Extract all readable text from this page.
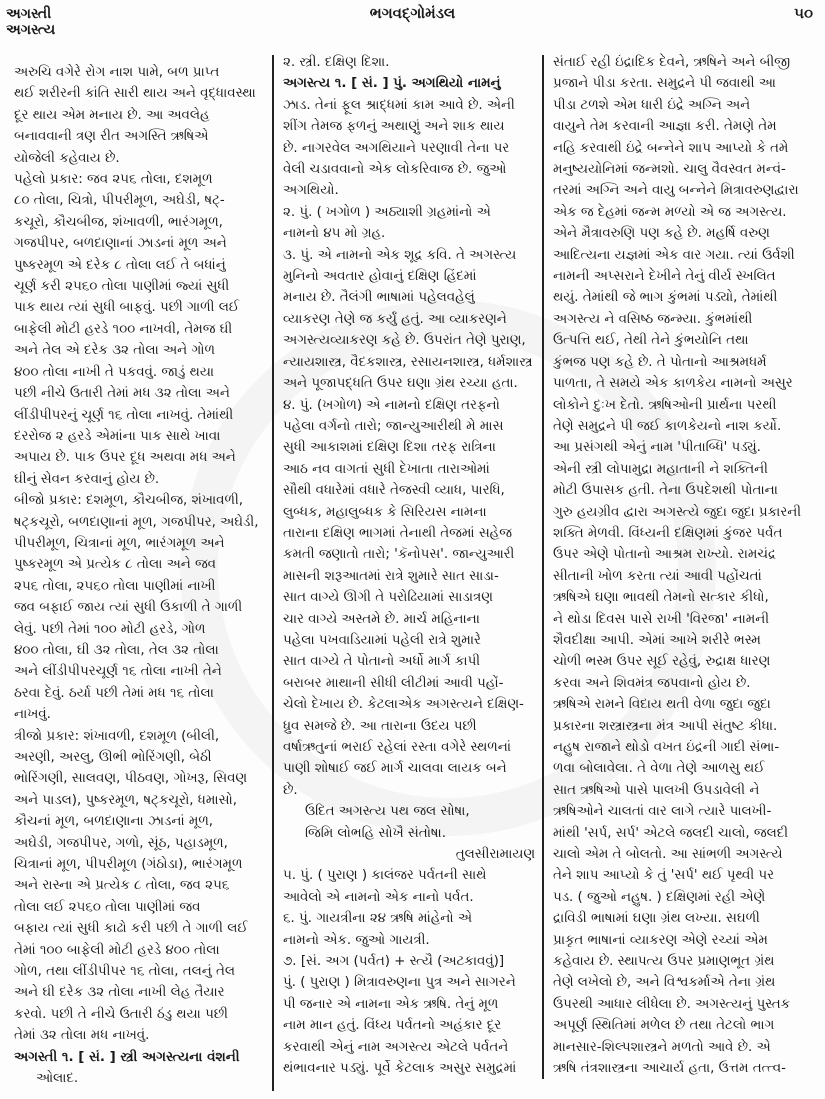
અગસ્તી
અગસ્ત્ય
ભગવદ્ગોમંડલ	૫૦
અરુચિ વગેરે રોગ નાશ પામે, બળ પ્રાપ્ત
થઈ શરીરની કાંતિ સારી થાય અને વૃદ્ધાવસ્થા
દૂર થાય એમ મનાય છે. આ અવલેહ
બનાવવાની ત્રણ રીત અગસ્તિ ઋષિએ
યોજેલી કહેવાય છે.
પહેલો પ્રકાર: જવ ૨૫૬ તોલા, દશમૂળ
૮૦ તોલા, ચિત્રો, પીપરીમૂળ, અઘેડી, ષટ્-
કચૂરો, કૌચબીજ, શંખાવળી, ભારંગમૂળ,
ગજપીપર, બળદાણાનાં ઝાડનાં મૂળ અને
પુષ્કરમૂળ એ દરેક ૮ તોલા લઈ તે બધાંનું
ચૂર્ણ કરી ૨૫૬૦ તોલા પાણીમાં જ્યાં સુધી
પાક થાય ત્યાં સુધી બાફવું. પછી ગાળી લઈ
બાફેલી મોટી હરડે ૧૦૦ નાખવી, તેમજ ઘી
અને તેલ એ દરેક ૩૨ તોલા અને ગોળ
૪૦૦ તોલા નાખી તે પકવવું. જાડું થયા
પછી નીચે ઉતારી તેમાં મધ ૩૨ તોલા અને
લીંડીપીપરનું ચૂર્ણ ૧૬ તોલા નાખવું. તેમાંથી
દરરોજ ૨ હરડે એમાંના પાક સાથે ખાવા
અપાય છે. પાક ઉપર દૂધ અથવા મધ અને
ઘીનું સેવન કરવાનું હોય છે.
બીજો પ્રકાર: દશમૂળ, કૌચબીજ, શંખાવળી,
ષટ્કચૂરો, બળદાણાનાં મૂળ, ગજપીપર, અઘેડી,
પીપરીમૂળ, ચિત્રાનાં મૂળ, ભારંગમૂળ અને
પુષ્કરમૂળ એ પ્રત્યેક ૮ તોલા અને જવ
૨૫૬ તોલા, ૨૫૬૦ તોલા પાણીમાં નાખી
જવ બફાઈ જાય ત્યાં સુધી ઉકાળી તે ગાળી
લેવું. પછી તેમાં ૧૦૦ મોટી હરડે, ગોળ
૪૦૦ તોલા, ઘી ૩૨ તોલા, તેલ ૩૨ તોલા
અને લીંડીપીપરચૂર્ણ ૧૬ તોલા નાખી તેને
ઠરવા દેવું. ઠર્યા પછી તેમાં મધ ૧૬ તોલા
નાખવું.
ત્રીજો પ્રકાર: શંખાવળી, દશમૂળ (બીલી,
અરણી, અરલુ, ઊભી ભોરિંગણી, બેઠી
ભોરિંગણી, સાલવણ, પીઠવણ, ગોખરૂ, સિવણ
અને પાડલ), પુષ્કરમૂળ, ષટ્કચૂરો, ધમાસો,
કૌચનાં મૂળ, બળદાણાના ઝાડનાં મૂળ,
અઘેડી, ગજપીપર, ગળો, સૂંઠ, પહાડમૂળ,
ચિત્રાનાં મૂળ, પીપરીમૂળ (ગંઠોડા), ભારંગમૂળ
અને રાસ્ના એ પ્રત્યેક ૮ તોલા, જવ ૨૫૬
તોલા લઈ ૨૫૬૦ તોલા પાણીમાં જવ
બફાય ત્યાં સુધી કાઢો કરી પછી તે ગાળી લઈ
તેમાં ૧૦૦ બાફેલી મોટી હરડે ૪૦૦ તોલા
ગોળ, તથા લીંડીપીપર ૧૬ તોલા, તલનું તેલ
અને ઘી દરેક ૩૨ તોલા નાખી લેહ તૈયાર
કરવો. પછી તે નીચે ઉતારી ઠંડુ થયા પછી
તેમાં ૩૨ તોલા મધ નાખવું.
અગસ્તી ૧. [ સં. ] સ્ત્રી અગસ્ત્યના વંશની
ઓલાદ.
૨. સ્ત્રી. દક્ષિણ દિશા.
અગસ્ત્ય ૧. [ સં. ] પું. અગથિયો નામનું
ઝાડ. તેનાં ફૂલ શ્રાદ્ધમાં કામ આવે છે. એની
શીંગ તેમજ ફળનું અથાણું અને શાક થાય
છે. નાગરવેલ અગથિયાને પરણાવી તેના પર
વેલી ચડાવવાનો એક લોકરિવાજ છે. જુઓ
અગથિયો.
૨. પું. ( ખગોળ ) અઠ્યાશી ગ્રહમાંનો એ
નામનો ૪૫ મો ગ્રહ.
૩. પું. એ નામનો એક શૂદ્ર કવિ. તે અગસ્ત્ય
મુનિનો અવતાર હોવાનું દક્ષિણ હિંદમાં
મનાય છે. તૈલંગી ભાષામાં પહેલવહેલું
વ્યાકરણ તેણે જ કર્યું હતું. આ વ્યાકરણને
અગસ્ત્યવ્યાકરણ કહે છે. ઉપરાંત તેણે પુરાણ,
ન્યાયશાસ્ત્ર, વૈદકશાસ્ત્ર, રસાયનશાસ્ત્ર, ધર્મશાસ્ત્ર
અને પૂજાપદ્ધતિ ઉપર ઘણા ગ્રંથ રચ્યા હતા.
૪. પું. (ખગોળ) એ નામનો દક્ષિણ તરફનો
પહેલા વર્ગનો તારો; જાન્યુઆરીથી મે માસ
સુધી આકાશમાં દક્ષિણ દિશા તરફ રાત્રિના
આઠ નવ વાગતાં સુધી દેખાતા તારાઓમાં
સૌથી વધારેમાં વધારે તેજસ્વી વ્યાધ, પારધિ,
લુબ્ધક, મહાલુબ્ધક કે સિરિયસ નામના
તારાના દક્ષિણ ભાગમાં તેનાથી તેજમાં સહેજ
કમતી જણાતો તારો; 'કૅનોપસ'. જાન્યુઆરી
માસની શરૂઆતમાં રાત્રે શુમારે સાત સાડા-
સાત વાગ્યે ઊગી તે પરોઢિયામાં સાડાત્રણ
ચાર વાગ્યે અસ્તમે છે. માર્ચ મહિનાના
પહેલા પખવાડિયામાં પહેલી રાત્રે શુમારે
સાત વાગ્યે તે પોતાનો અર્ધો માર્ગ કાપી
બરાબર માથાની સીધી લીટીમાં આવી પહોં-
ચેલો દેખાય છે. કેટલાએક અગસ્ત્યને દક્ષિણ-
ધ્રુવ સમજે છે. આ તારાના ઉદય પછી
વર્ષાઋતુનાં ભરાઈ રહેલાં રસ્તા વગેરે સ્થળનાં
પાણી શોષાઈ જઈ માર્ગ ચાલવા લાયક બને
છે.
ઉદિત અગસ્ત્ય પથ જલ સોષા,
જિમિ લોભહિ સોખૈ સંતોષા.
તુલસીરામાયણ
૫. પું. ( પુરાણ ) કાલંજર પર્વતની સાથે
આવેલો એ નામનો એક નાનો પર્વત.
૬. પું. ગાયત્રીના ૨૪ ઋષિ માંહેનો એ
નામનો એક. જુઓ ગાયત્રી.
૭. [સં. અગ (પર્વત) + સ્ત્યૈ (અટકાવવું)]
પું. ( પુરાણ ) મિત્રાવરુણના પુત્ર અને સાગરને
પી જનાર એ નામના એક ઋષિ. તેનું મૂળ
નામ માન હતું. વિંધ્ય પર્વતનો અહંકાર દૂર
કરવાથી એનું નામ અગસ્ત્ય એટલે પર્વતને
થંભાવનાર પડ્યું. પૂર્વે કેટલાક અસુર સમુદ્રમાં
સંતાઈ રહી ઇંદ્રાદિક દેવને, ઋષિને અને બીજી
પ્રજાને પીડા કરતા. સમુદ્રને પી જવાથી આ
પીડા ટળશે એમ ધારી ઇંદ્રે અગ્નિ અને
વાયુને તેમ કરવાની આજ્ઞા કરી. તેમણે તેમ
નહિ કરવાથી ઇંદ્રે બન્નેને શાપ આપ્યો કે તમે
મનુષ્યયોનિમાં જન્મશો. ચાલુ વૈવસ્વત મન્વં-
તરમાં અગ્નિ અને વાયુ બન્નેને મિત્રાવરુણદ્વારા
એક જ દેહમાં જન્મ મળ્યો એ જ અગસ્ત્ય.
એને મૈત્રાવરુણિ પણ કહે છે. મહર્ષિ વરુણ
આદિત્યના યજ્ઞમાં એક વાર ગયા. ત્યાં ઉર્વશી
નામની અપ્સરાને દેખીને તેનું વીર્ય સ્ખલિત
થયું. તેમાંથી જે ભાગ કુંભમાં પડ્યો, તેમાંથી
અગસ્ત્ય ને વસિષ્ઠ જન્મ્યા. કુંભમાંથી
ઉત્પત્તિ થઈ, તેથી તેને કુંભયોનિ તથા
કુંભજ પણ કહે છે. તે પોતાનો આશ્રમધર્મ
પાળતા, તે સમયે એક કાળકેય નામનો અસુર
લોકોને દુઃખ દેતો. ઋષિઓની પ્રાર્થના પરથી
તેણે સમુદ્રને પી જઈ કાળકેયનો નાશ કર્યો.
આ પ્રસંગથી એનું નામ 'પીતાબ્ધિ' પડ્યું.
એની સ્ત્રી લોપામુદ્રા મહાતાની ને શક્તિની
મોટી ઉપાસક હતી. તેના ઉપદેશથી પોતાના
ગુરુ હયગ્રીવ દ્વારા અગસ્ત્યે જુદા જુદા પ્રકારની
શક્તિ મેળવી. વિંધ્યની દક્ષિણમાં કુંજર પર્વત
ઉપર એણે પોતાનો આશ્રમ રાખ્યો. રામચંદ્ર
સીતાની ખોળ કરતા ત્યાં આવી પહોંચતાં
ઋષિએ ઘણા ભાવથી તેમનો સત્કાર કીધો,
ને થોડા દિવસ પાસે રાખી 'વિરજા' નામની
શૈવદીક્ષા આપી. એમાં આખે શરીરે ભસ્મ
ચોળી ભસ્મ ઉપર સૂઈ રહેવું, રુદ્રાક્ષ ધારણ
કરવા અને શિવમંત્ર જપવાનો હોય છે.
ઋષિએ રામને વિદાય થતી વેળા જુદા જુદા
પ્રકારના શસ્ત્રાસ્ત્રના મંત્ર આપી સંતુષ્ટ કીધા.
નહુષ રાજાને થોડો વખત ઇંદ્રની ગાદી સંભા-
ળવા બોલાવેલા. તે વેળા તેણે આળસુ થઈ
સાત ઋષિઓ પાસે પાલખી ઉપડાવેલી ને
ઋષિઓને ચાલતાં વાર લાગે ત્યારે પાલખી-
માંથી 'સર્પ, સર્પ' એટલે જલદી ચાલો, જલદી
ચાલો એમ તે બોલતો. આ સાંભળી અગસ્ત્યે
તેને શાપ આપ્યો કે તું 'સર્પ' થઈ પૃથ્વી પર
પડ. ( જુઓ નહુષ. ) દક્ષિણમાં રહી એણે
દ્રાવિડી ભાષામાં ઘણા ગ્રંથ લખ્યા. સઘળી
પ્રાકૃત ભાષાનાં વ્યાકરણ એણે રચ્યાં એમ
કહેવાય છે. સ્થાપત્ય ઉપર પ્રમાણભૂત ગ્રંથ
તેણે લખેલો છે, અને વિશ્વકર્માએ તેના ગ્રંથ
ઉપરથી આધાર લીધેલા છે. અગસ્ત્યનું પુસ્તક
અપૂર્ણ સ્થિતિમાં મળેલ છે તથા તેટલો ભાગ
માનસાર-શિલ્પશાસ્ત્રને મળતો આવે છે. એ
ઋષિ તંત્રશાસ્ત્રના આચાર્ય હતા, ઉત્તમ તત્ત્વ-
